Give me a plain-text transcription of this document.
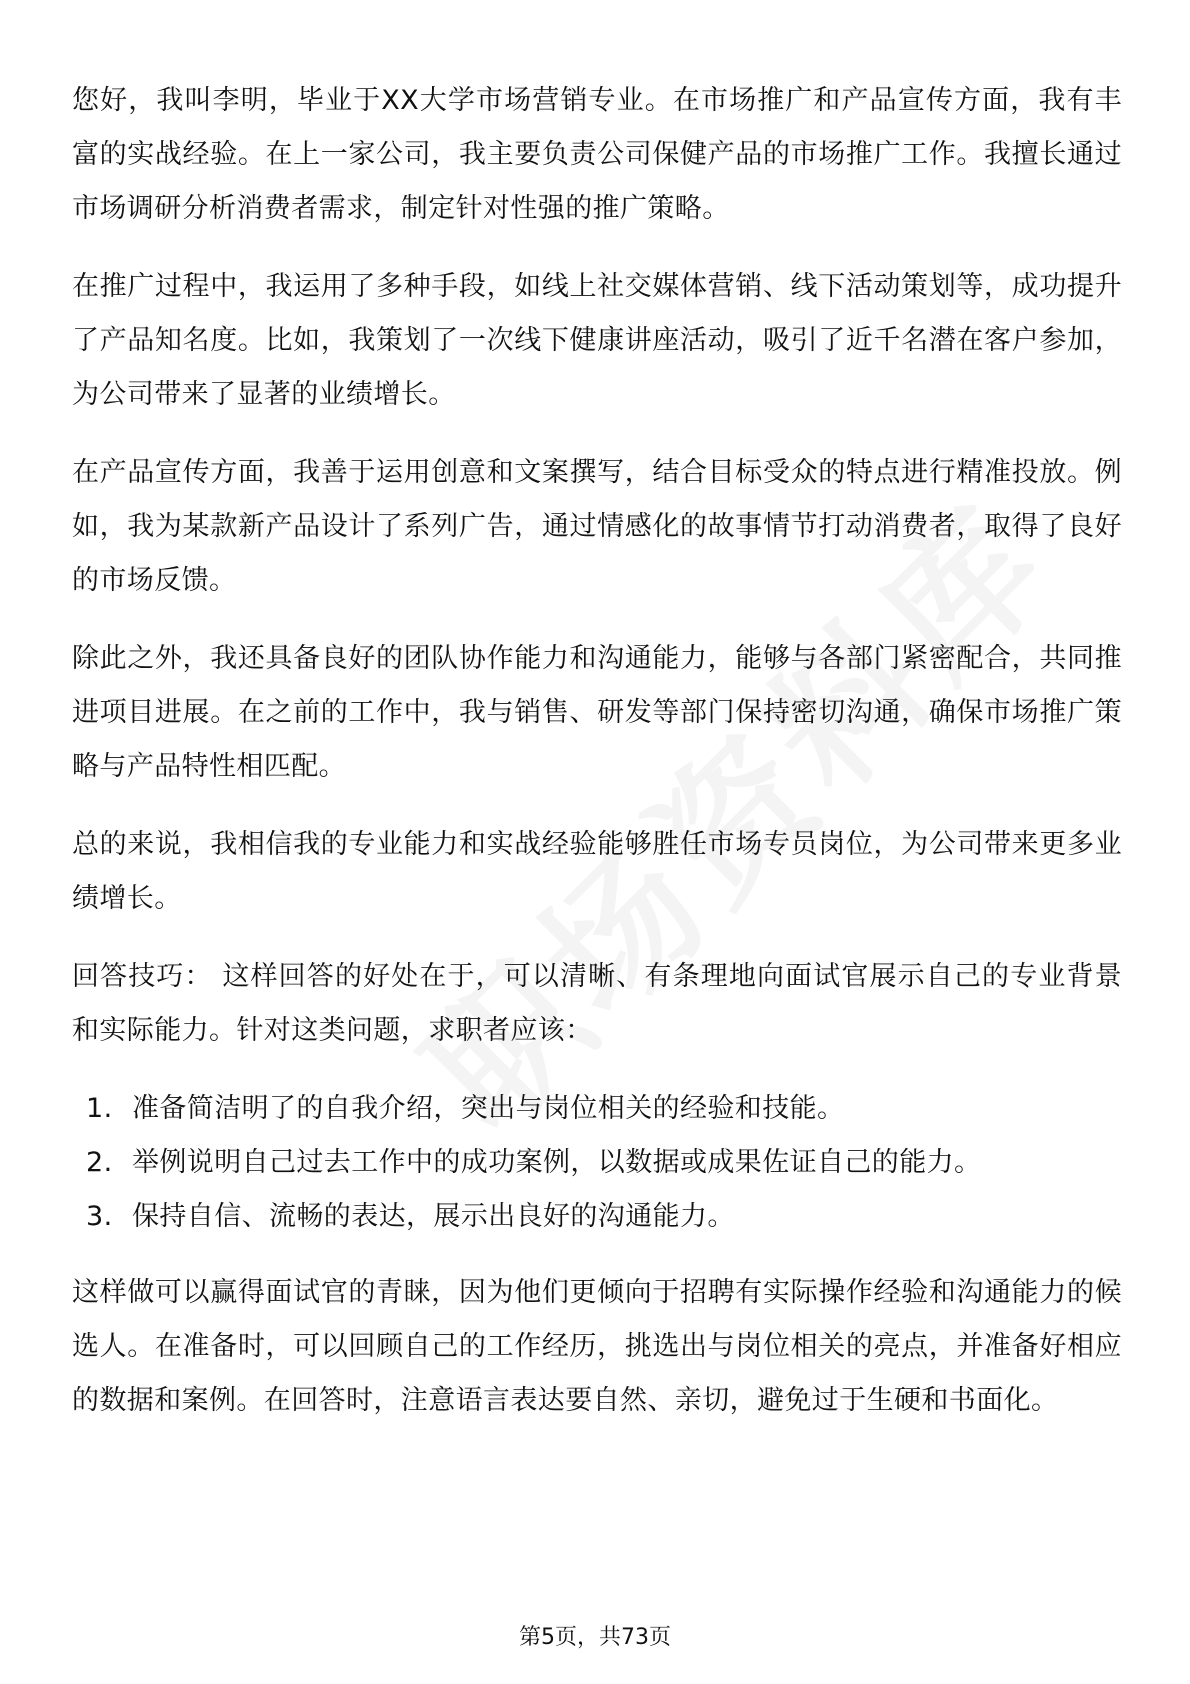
您好，我叫李明，毕业于XX大学市场营销专业。在市场推广和产品宣传方面，我有丰富的实战经验。在上一家公司，我主要负责公司保健产品的市场推广工作。我擅长通过市场调研分析消费者需求，制定针对性强的推广策略。

在推广过程中，我运用了多种手段，如线上社交媒体营销、线下活动策划等，成功提升了产品知名度。比如，我策划了一次线下健康讲座活动，吸引了近千名潜在客户参加，为公司带来了显著的业绩增长。

在产品宣传方面，我善于运用创意和文案撰写，结合目标受众的特点进行精准投放。例如，我为某款新产品设计了系列广告，通过情感化的故事情节打动消费者，取得了良好的市场反馈。

除此之外，我还具备良好的团队协作能力和沟通能力，能够与各部门紧密配合，共同推进项目进展。在之前的工作中，我与销售、研发等部门保持密切沟通，确保市场推广策略与产品特性相匹配。

总的来说，我相信我的专业能力和实战经验能够胜任市场专员岗位，为公司带来更多业绩增长。

回答技巧： 这样回答的好处在于，可以清晰、有条理地向面试官展示自己的专业背景和实际能力。针对这类问题，求职者应该：

1. 准备简洁明了的自我介绍，突出与岗位相关的经验和技能。
2. 举例说明自己过去工作中的成功案例，以数据或成果佐证自己的能力。
3. 保持自信、流畅的表达，展示出良好的沟通能力。

这样做可以赢得面试官的青睐，因为他们更倾向于招聘有实际操作经验和沟通能力的候选人。在准备时，可以回顾自己的工作经历，挑选出与岗位相关的亮点，并准备好相应的数据和案例。在回答时，注意语言表达要自然、亲切，避免过于生硬和书面化。

第5页，共73页
